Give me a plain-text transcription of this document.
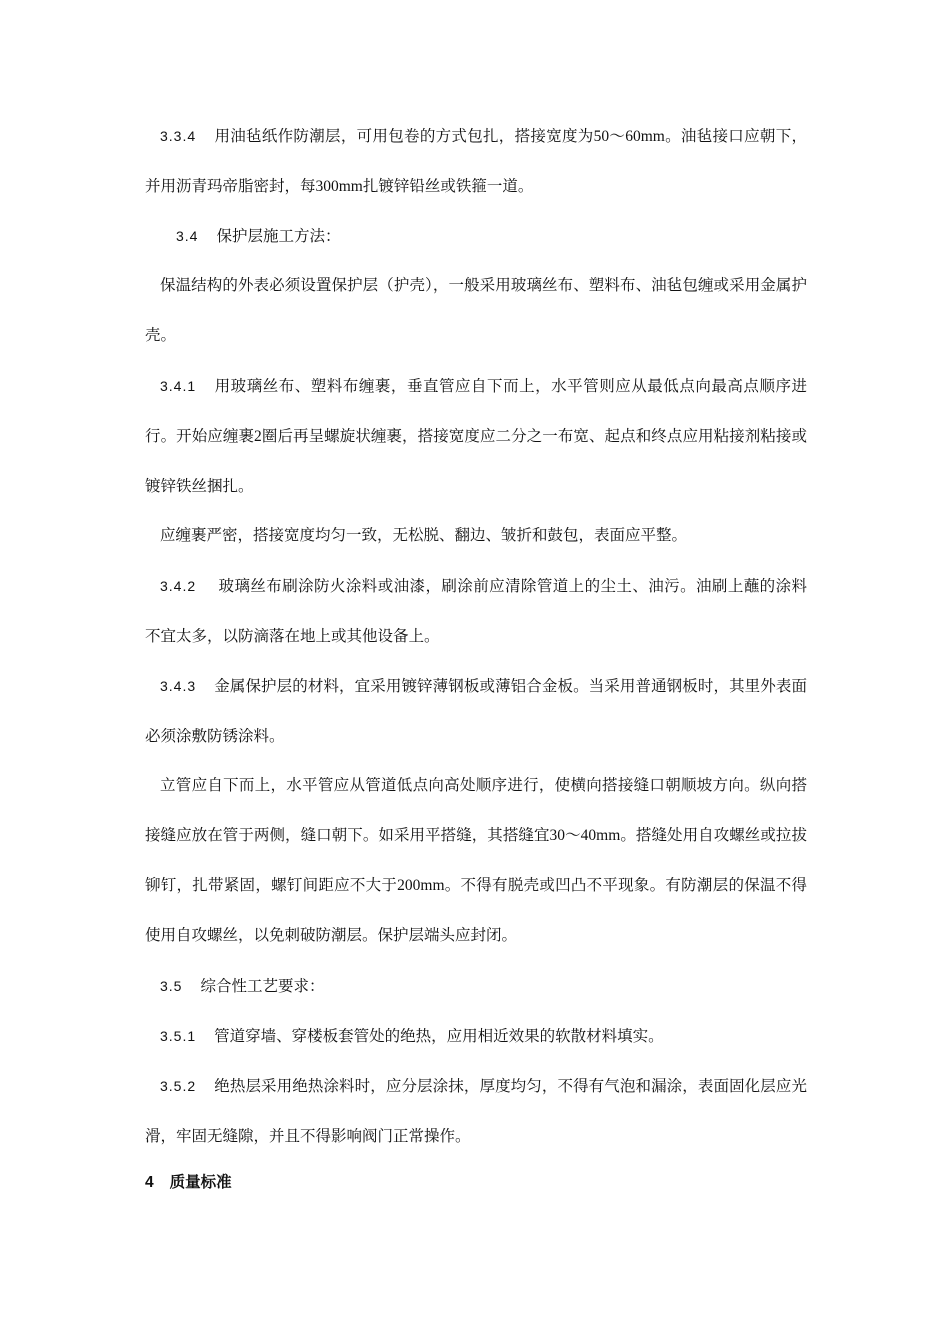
3.3.4 用油毡纸作防潮层，可用包卷的方式包扎，搭接宽度为50～60mm。油毡接口应朝下，并用沥青玛帝脂密封，每300mm扎镀锌铅丝或铁箍一道。

3.4 保护层施工方法：

保温结构的外表必须设置保护层（护壳），一般采用玻璃丝布、塑料布、油毡包缠或采用金属护壳。

3.4.1 用玻璃丝布、塑料布缠裹，垂直管应自下而上，水平管则应从最低点向最高点顺序进行。开始应缠裹2圈后再呈螺旋状缠裹，搭接宽度应二分之一布宽、起点和终点应用粘接剂粘接或镀锌铁丝捆扎。

应缠裹严密，搭接宽度均匀一致，无松脱、翻边、皱折和鼓包，表面应平整。

3.4.2 玻璃丝布刷涂防火涂料或油漆，刷涂前应清除管道上的尘土、油污。油刷上蘸的涂料不宜太多，以防滴落在地上或其他设备上。

3.4.3 金属保护层的材料，宜采用镀锌薄钢板或薄铝合金板。当采用普通钢板时，其里外表面必须涂敷防锈涂料。

立管应自下而上，水平管应从管道低点向高处顺序进行，使横向搭接缝口朝顺坡方向。纵向搭接缝应放在管于两侧，缝口朝下。如采用平搭缝，其搭缝宜30～40mm。搭缝处用自攻螺丝或拉拔铆钉，扎带紧固，螺钉间距应不大于200mm。不得有脱壳或凹凸不平现象。有防潮层的保温不得使用自攻螺丝，以免刺破防潮层。保护层端头应封闭。

3.5 综合性工艺要求：

3.5.1 管道穿墙、穿楼板套管处的绝热，应用相近效果的软散材料填实。

3.5.2 绝热层采用绝热涂料时，应分层涂抹，厚度均匀，不得有气泡和漏涂，表面固化层应光滑，牢固无缝隙，并且不得影响阀门正常操作。

4 质量标准
